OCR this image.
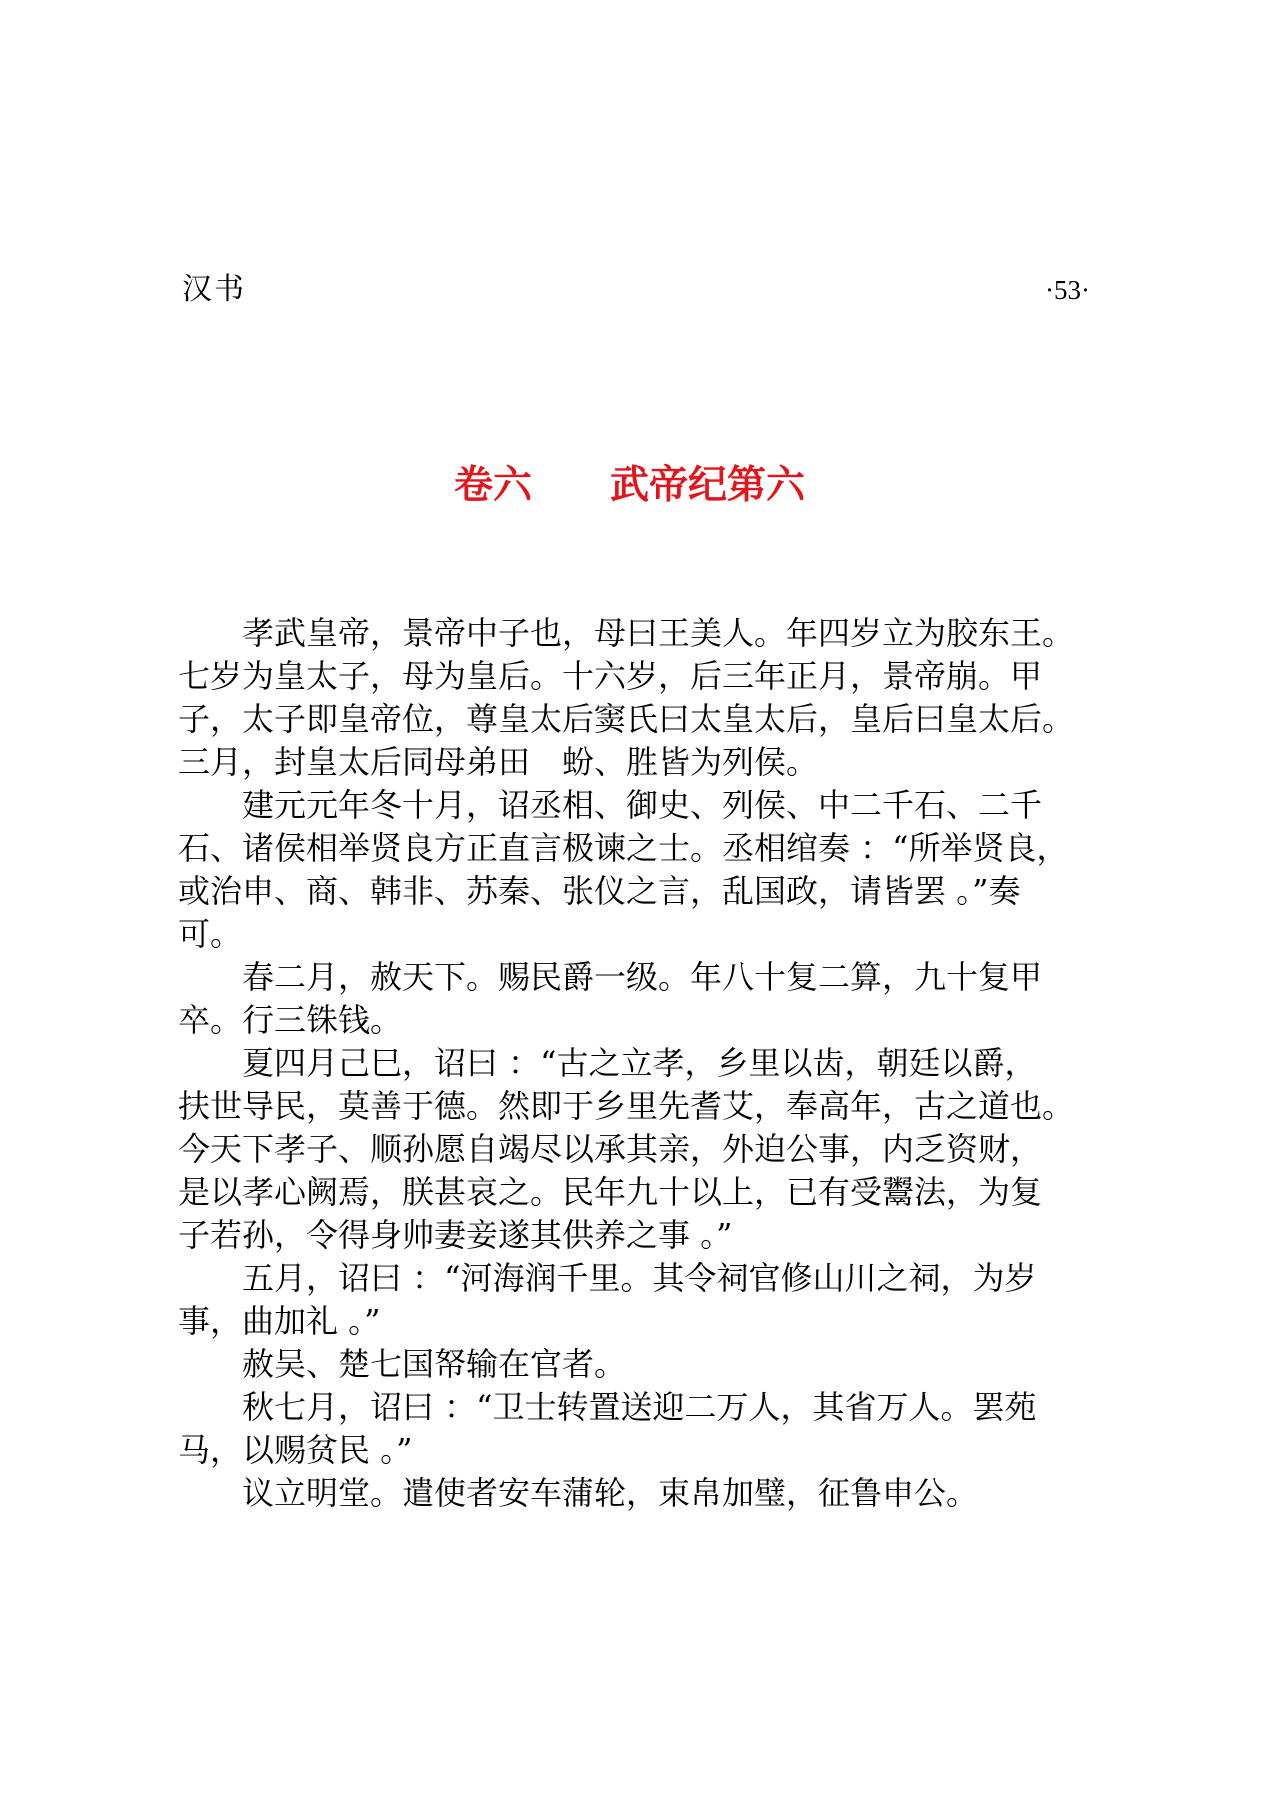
汉书	·53·
卷六 武帝纪第六
孝武皇帝，景帝中子也，母曰王美人。年四岁立为胶东王。
七岁为皇太子，母为皇后。十六岁，后三年正月，景帝崩。甲
子，太子即皇帝位，尊皇太后窦氏曰太皇太后，皇后曰皇太后。
三月，封皇太后同母弟田　蚡、胜皆为列侯。
建元元年冬十月，诏丞相、御史、列侯、中二千石、二千
石、诸侯相举贤良方正直言极谏之士。丞相绾奏 ：“所举贤良，
或治申、商、韩非、苏秦、张仪之言，乱国政，请皆罢 。”奏
可。
春二月，赦天下。赐民爵一级。年八十复二算，九十复甲
卒。行三铢钱。
夏四月己巳，诏曰 ：“古之立孝，乡里以齿，朝廷以爵，
扶世导民，莫善于德。然即于乡里先耆艾，奉高年，古之道也。
今天下孝子、顺孙愿自竭尽以承其亲，外迫公事，内乏资财，
是以孝心阙焉，朕甚哀之。民年九十以上，已有受鬻法，为复
子若孙，令得身帅妻妾遂其供养之事 。”
五月，诏曰 ：“河海润千里。其令祠官修山川之祠，为岁
事，曲加礼 。”
赦吴、楚七国帑输在官者。
秋七月，诏曰 ：“卫士转置送迎二万人，其省万人。罢苑
马，以赐贫民 。”
议立明堂。遣使者安车蒲轮，束帛加璧，征鲁申公。
